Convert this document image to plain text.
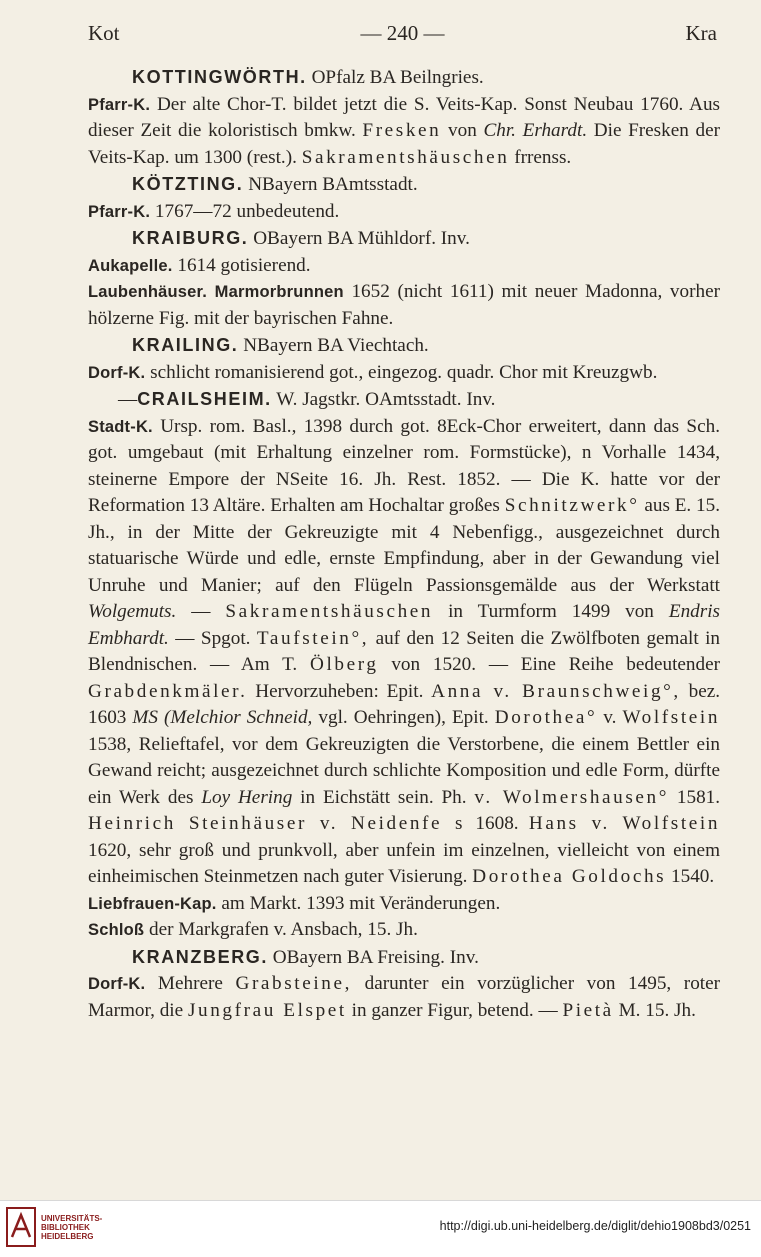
Kot	— 240 —	Kra

KOTTINGWÖRTH. OPfalz BA Beilngries.

Pfarr-K. Der alte Chor-T. bildet jetzt die S. Veits-Kap. Sonst Neubau 1760. Aus dieser Zeit die koloristisch bmkw. Fresken von Chr. Erhardt. Die Fresken der Veits-Kap. um 1300 (rest.). Sakramentshäuschen frrenss.

KÖTZTING. NBayern BAmtsstadt.

Pfarr-K. 1767—72 unbedeutend.

KRAIBURG. OBayern BA Mühldorf. Inv.

Aukapelle. 1614 gotisierend.

Laubenhäuser. Marmorbrunnen 1652 (nicht 1611) mit neuer Madonna, vorher hölzerne Fig. mit der bayrischen Fahne.

KRAILING. NBayern BA Viechtach.

Dorf-K. schlicht romanisierend got., eingezog. quadr. Chor mit Kreuzgwb.

—CRAILSHEIM. W. Jagstkr. OAmtsstadt. Inv.

Stadt-K. Ursp. rom. Basl., 1398 durch got. 8Eck-Chor erweitert, dann das Sch. got. umgebaut (mit Erhaltung einzelner rom. Formstücke), n Vorhalle 1434, steinerne Empore der NSeite 16. Jh. Rest. 1852. — Die K. hatte vor der Reformation 13 Altäre. Erhalten am Hochaltar großes Schnitzwerk° aus E. 15. Jh., in der Mitte der Gekreuzigte mit 4 Nebenfigg., ausgezeichnet durch statuarische Würde und edle, ernste Empfindung, aber in der Gewandung viel Unruhe und Manier; auf den Flügeln Passionsgemälde aus der Werkstatt Wolgemuts. — Sakramentshäuschen in Turmform 1499 von Endris Embhardt. — Spgot. Taufstein°, auf den 12 Seiten die Zwölfboten gemalt in Blendnischen. — Am T. Ölberg von 1520. — Eine Reihe bedeutender Grabdenkmäler. Hervorzuheben: Epit. Anna v. Braunschweig°, bez. 1603 MS (Melchior Schneid, vgl. Oehringen), Epit. Dorothea° v. Wolfstein 1538, Relieftafel, vor dem Gekreuzigten die Verstorbene, die einem Bettler ein Gewand reicht; ausgezeichnet durch schlichte Komposition und edle Form, dürfte ein Werk des Loy Hering in Eichstätt sein. Ph. v. Wolmershausen° 1581. Heinrich Steinhäuser v. Neidenfe s 1608. Hans v. Wolfstein 1620, sehr groß und prunkvoll, aber unfein im einzelnen, vielleicht von einem einheimischen Steinmetzen nach guter Visierung. Dorothea Goldochs 1540.

Liebfrauen-Kap. am Markt. 1393 mit Veränderungen.

Schloß der Markgrafen v. Ansbach, 15. Jh.

KRANZBERG. OBayern BA Freising. Inv.

Dorf-K. Mehrere Grabsteine, darunter ein vorzüglicher von 1495, roter Marmor, die Jungfrau Elspet in ganzer Figur, betend. — Pietà M. 15. Jh.

UNIVERSITÄTS-
BIBLIOTHEK
HEIDELBERG
http://digi.ub.uni-heidelberg.de/diglit/dehio1908bd3/0251
